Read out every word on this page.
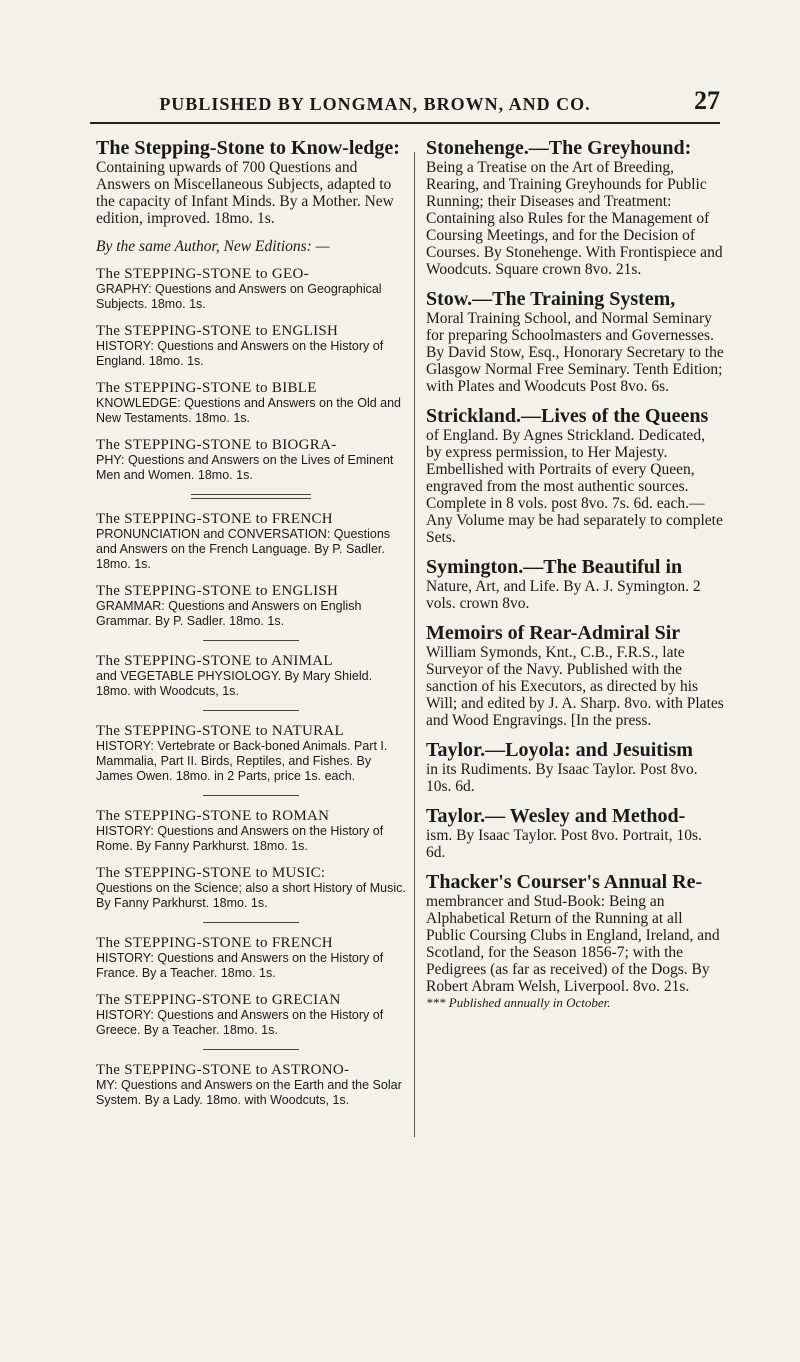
PUBLISHED BY LONGMAN, BROWN, AND CO.	27
The Stepping-Stone to Know-ledge:
Containing upwards of 700 Questions and Answers on Miscellaneous Subjects, adapted to the capacity of Infant Minds. By a Mother. New edition, improved. 18mo. 1s.
By the same Author, New Editions: —
The STEPPING-STONE to GEO-
GRAPHY: Questions and Answers on Geographical Subjects. 18mo. 1s.
The STEPPING-STONE to ENGLISH
HISTORY: Questions and Answers on the History of England. 18mo. 1s.
The STEPPING-STONE to BIBLE
KNOWLEDGE: Questions and Answers on the Old and New Testaments. 18mo. 1s.
The STEPPING-STONE to BIOGRA-
PHY: Questions and Answers on the Lives of Eminent Men and Women. 18mo. 1s.
The STEPPING-STONE to FRENCH
PRONUNCIATION and CONVERSATION: Questions and Answers on the French Language. By P. Sadler. 18mo. 1s.
The STEPPING-STONE to ENGLISH
GRAMMAR: Questions and Answers on English Grammar. By P. Sadler. 18mo. 1s.
The STEPPING-STONE to ANIMAL
and VEGETABLE PHYSIOLOGY. By Mary Shield. 18mo. with Woodcuts, 1s.
The STEPPING-STONE to NATURAL
HISTORY: Vertebrate or Back-boned Animals. Part I. Mammalia, Part II. Birds, Reptiles, and Fishes. By James Owen. 18mo. in 2 Parts, price 1s. each.
The STEPPING-STONE to ROMAN
HISTORY: Questions and Answers on the History of Rome. By Fanny Parkhurst. 18mo. 1s.
The STEPPING-STONE to MUSIC:
Questions on the Science; also a short History of Music. By Fanny Parkhurst. 18mo. 1s.
The STEPPING-STONE to FRENCH
HISTORY: Questions and Answers on the History of France. By a Teacher. 18mo. 1s.
The STEPPING-STONE to GRECIAN
HISTORY: Questions and Answers on the History of Greece. By a Teacher. 18mo. 1s.
The STEPPING-STONE to ASTRONO-
MY: Questions and Answers on the Earth and the Solar System. By a Lady. 18mo. with Woodcuts, 1s.
Stonehenge.—The Greyhound:
Being a Treatise on the Art of Breeding, Rearing, and Training Greyhounds for Public Running; their Diseases and Treatment: Containing also Rules for the Management of Coursing Meetings, and for the Decision of Courses. By Stonehenge. With Frontispiece and Woodcuts. Square crown 8vo. 21s.
Stow.—The Training System,
Moral Training School, and Normal Seminary for preparing Schoolmasters and Governesses. By David Stow, Esq., Honorary Secretary to the Glasgow Normal Free Seminary. Tenth Edition; with Plates and Woodcuts Post 8vo. 6s.
Strickland.—Lives of the Queens
of England. By Agnes Strickland. Dedicated, by express permission, to Her Majesty. Embellished with Portraits of every Queen, engraved from the most authentic sources. Complete in 8 vols. post 8vo. 7s. 6d. each.—Any Volume may be had separately to complete Sets.
Symington.—The Beautiful in
Nature, Art, and Life. By A. J. Symington. 2 vols. crown 8vo.
Memoirs of Rear-Admiral Sir
William Symonds, Knt., C.B., F.R.S., late Surveyor of the Navy. Published with the sanction of his Executors, as directed by his Will; and edited by J. A. Sharp. 8vo. with Plates and Wood Engravings. [In the press.
Taylor.—Loyola: and Jesuitism
in its Rudiments. By Isaac Taylor. Post 8vo. 10s. 6d.
Taylor.— Wesley and Method-
ism. By Isaac Taylor. Post 8vo. Portrait, 10s. 6d.
Thacker's Courser's Annual Re-
membrancer and Stud-Book: Being an Alphabetical Return of the Running at all Public Coursing Clubs in England, Ireland, and Scotland, for the Season 1856-7; with the Pedigrees (as far as received) of the Dogs. By Robert Abram Welsh, Liverpool. 8vo. 21s.
*** Published annually in October.
